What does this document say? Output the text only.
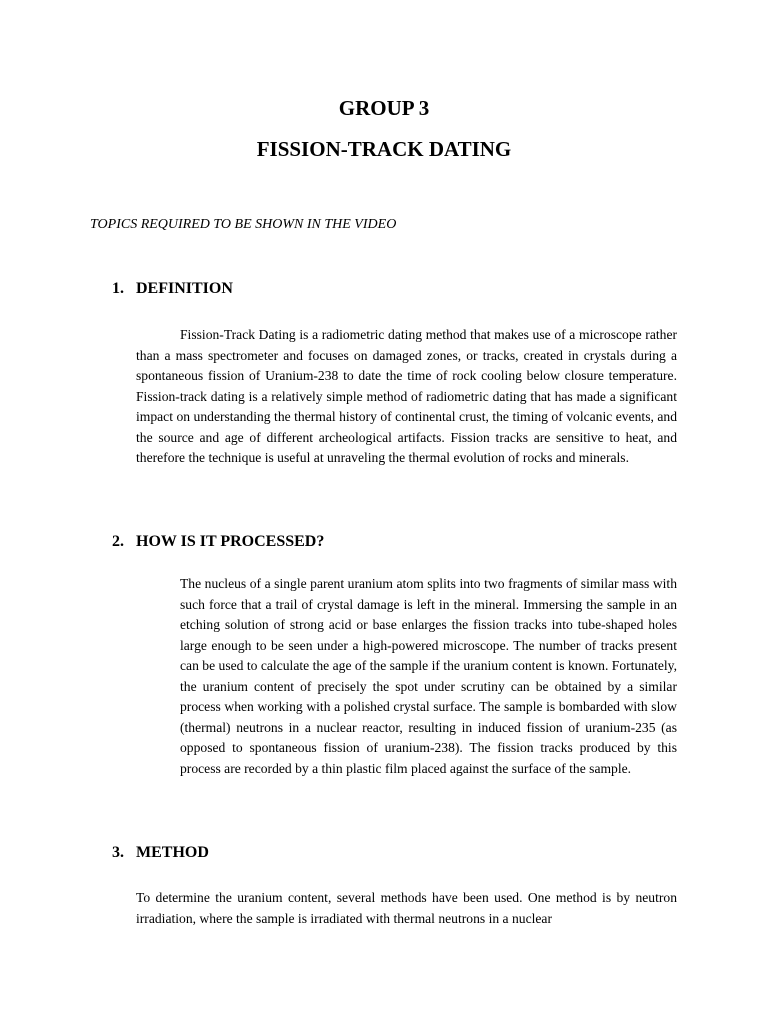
GROUP 3
FISSION-TRACK DATING

TOPICS REQUIRED TO BE SHOWN IN THE VIDEO

1. DEFINITION

Fission-Track Dating is a radiometric dating method that makes use of a microscope rather than a mass spectrometer and focuses on damaged zones, or tracks, created in crystals during a spontaneous fission of Uranium-238 to date the time of rock cooling below closure temperature. Fission-track dating is a relatively simple method of radiometric dating that has made a significant impact on understanding the thermal history of continental crust, the timing of volcanic events, and the source and age of different archeological artifacts. Fission tracks are sensitive to heat, and therefore the technique is useful at unraveling the thermal evolution of rocks and minerals.

2. HOW IS IT PROCESSED?

The nucleus of a single parent uranium atom splits into two fragments of similar mass with such force that a trail of crystal damage is left in the mineral. Immersing the sample in an etching solution of strong acid or base enlarges the fission tracks into tube-shaped holes large enough to be seen under a high-powered microscope. The number of tracks present can be used to calculate the age of the sample if the uranium content is known. Fortunately, the uranium content of precisely the spot under scrutiny can be obtained by a similar process when working with a polished crystal surface. The sample is bombarded with slow (thermal) neutrons in a nuclear reactor, resulting in induced fission of uranium-235 (as opposed to spontaneous fission of uranium-238). The fission tracks produced by this process are recorded by a thin plastic film placed against the surface of the sample.

3. METHOD

To determine the uranium content, several methods have been used. One method is by neutron irradiation, where the sample is irradiated with thermal neutrons in a nuclear
